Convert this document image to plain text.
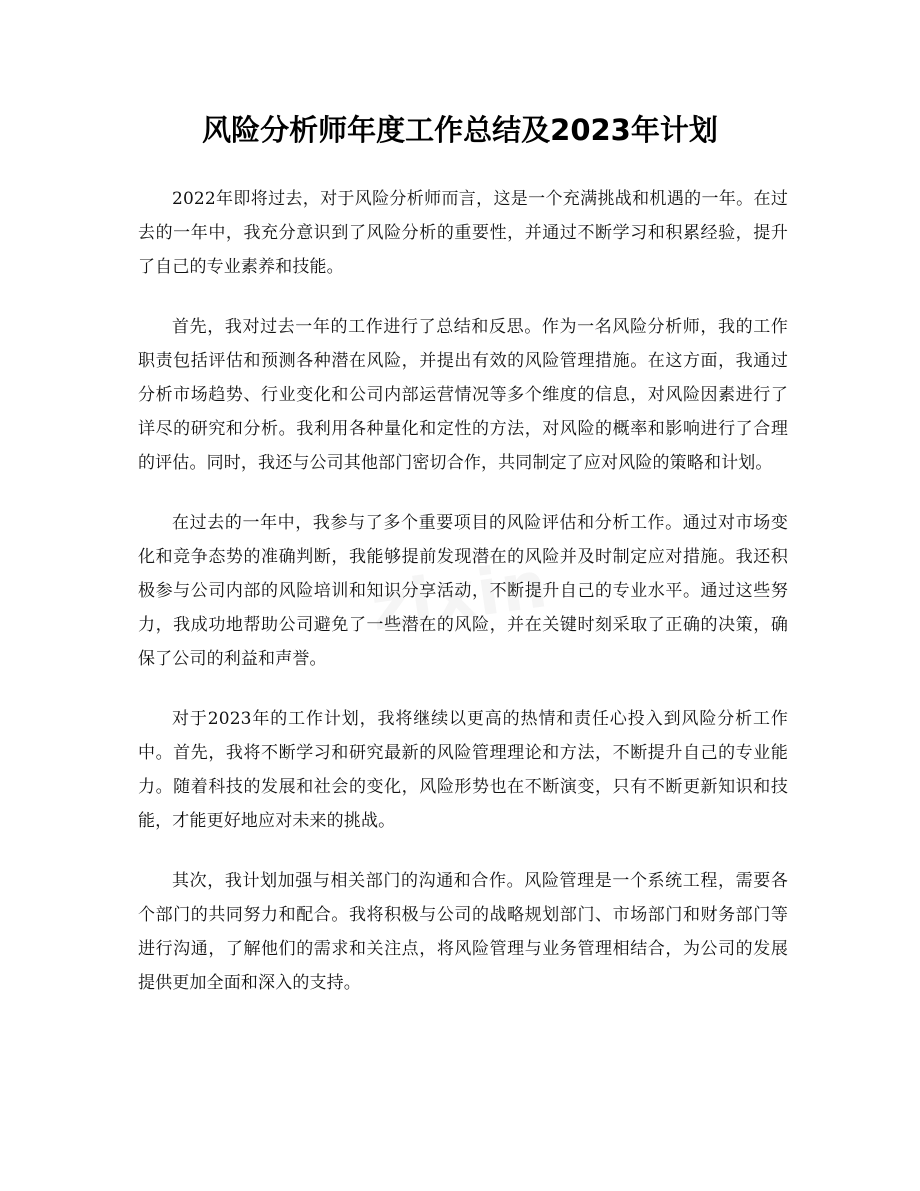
风险分析师年度工作总结及2023年计划
zixin

2022年即将过去，对于风险分析师而言，这是一个充满挑战和机遇的一年。在过去的一年中，我充分意识到了风险分析的重要性，并通过不断学习和积累经验，提升了自己的专业素养和技能。

首先，我对过去一年的工作进行了总结和反思。作为一名风险分析师，我的工作职责包括评估和预测各种潜在风险，并提出有效的风险管理措施。在这方面，我通过分析市场趋势、行业变化和公司内部运营情况等多个维度的信息，对风险因素进行了详尽的研究和分析。我利用各种量化和定性的方法，对风险的概率和影响进行了合理的评估。同时，我还与公司其他部门密切合作，共同制定了应对风险的策略和计划。

在过去的一年中，我参与了多个重要项目的风险评估和分析工作。通过对市场变化和竞争态势的准确判断，我能够提前发现潜在的风险并及时制定应对措施。我还积极参与公司内部的风险培训和知识分享活动，不断提升自己的专业水平。通过这些努力，我成功地帮助公司避免了一些潜在的风险，并在关键时刻采取了正确的决策，确保了公司的利益和声誉。

对于2023年的工作计划，我将继续以更高的热情和责任心投入到风险分析工作中。首先，我将不断学习和研究最新的风险管理理论和方法，不断提升自己的专业能力。随着科技的发展和社会的变化，风险形势也在不断演变，只有不断更新知识和技能，才能更好地应对未来的挑战。

其次，我计划加强与相关部门的沟通和合作。风险管理是一个系统工程，需要各个部门的共同努力和配合。我将积极与公司的战略规划部门、市场部门和财务部门等进行沟通，了解他们的需求和关注点，将风险管理与业务管理相结合，为公司的发展提供更加全面和深入的支持。
